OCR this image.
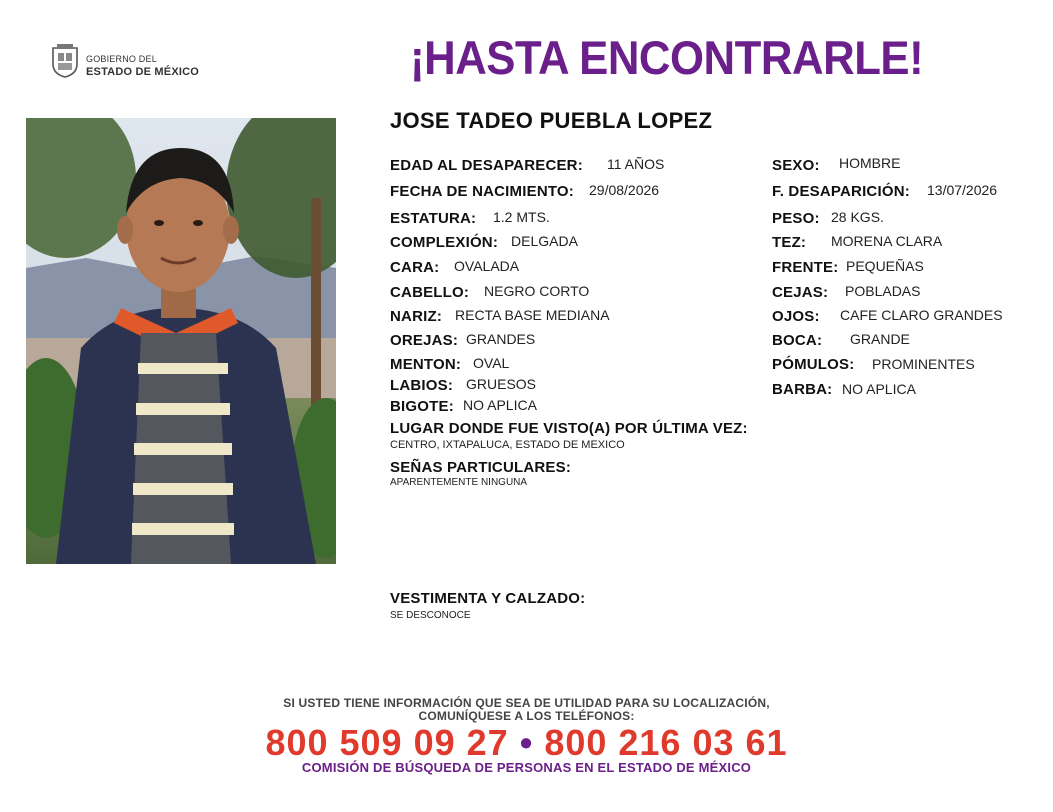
GOBIERNO DEL
ESTADO DE MÉXICO	¡HASTA ENCONTRARLE!
JOSE TADEO PUEBLA LOPEZ
EDAD AL DESAPARECER: 11 AÑOS
FECHA DE NACIMIENTO: 29/08/2026
ESTATURA: 1.2 MTS.
COMPLEXIÓN: DELGADA
CARA: OVALADA
CABELLO: NEGRO CORTO
NARIZ: RECTA BASE MEDIANA
OREJAS: GRANDES
MENTON: OVAL
LABIOS: GRUESOS
BIGOTE: NO APLICA
SEXO: HOMBRE
F. DESAPARICIÓN: 13/07/2026
PESO: 28 KGS.
TEZ: MORENA CLARA
FRENTE: PEQUEÑAS
CEJAS: POBLADAS
OJOS: CAFE CLARO GRANDES
BOCA: GRANDE
PÓMULOS: PROMINENTES
BARBA: NO APLICA
LUGAR DONDE FUE VISTO(A) POR ÚLTIMA VEZ:
CENTRO, IXTAPALUCA, ESTADO DE MEXICO
SEÑAS PARTICULARES:
APARENTEMENTE NINGUNA
VESTIMENTA Y CALZADO:
SE DESCONOCE
SI USTED TIENE INFORMACIÓN QUE SEA DE UTILIDAD PARA SU LOCALIZACIÓN,
COMUNÍQUESE A LOS TELÉFONOS:
800 509 09 27 • 800 216 03 61
COMISIÓN DE BÚSQUEDA DE PERSONAS EN EL ESTADO DE MÉXICO
